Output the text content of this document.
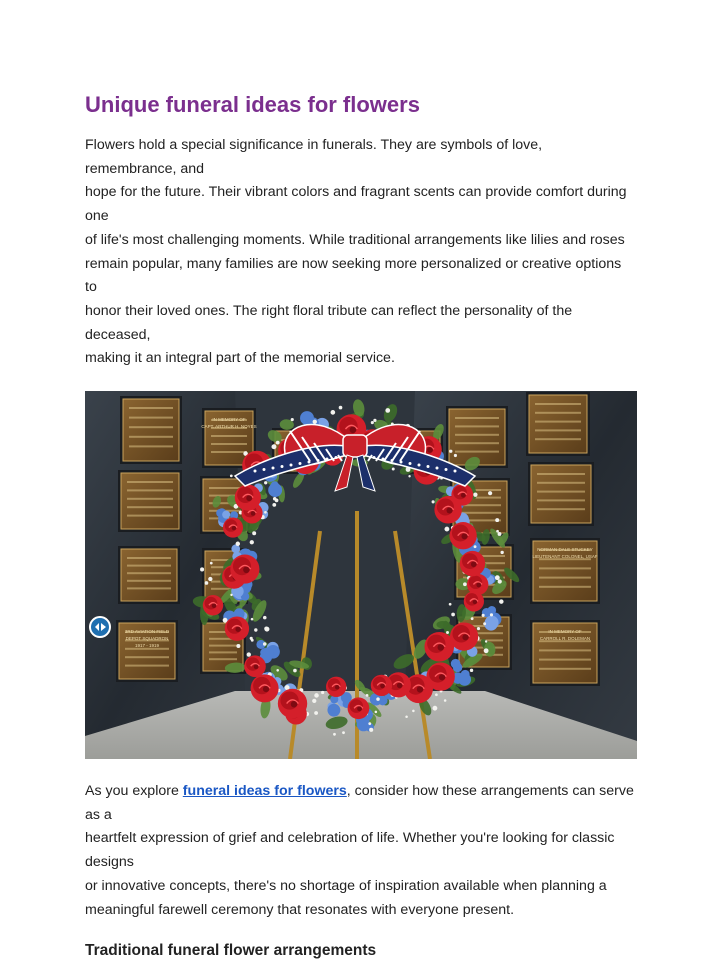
Unique funeral ideas for flowers

Flowers hold a special significance in funerals. They are symbols of love, remembrance, and
hope for the future. Their vibrant colors and fragrant scents can provide comfort during one
of life's most challenging moments. While traditional arrangements like lilies and roses
remain popular, many families are now seeking more personalized or creative options to
honor their loved ones. The right floral tribute can reflect the personality of the deceased,
making it an integral part of the memorial service.

IN MEMORY OF
CAPT. ARTHUR H. NOYES
3RD AVIATION FIELD
DEPOT SQUADRON
1917 - 1919
NORMAN DALE STUCKEY
LIEUTENANT COLONEL, USAF
IN MEMORY OF
CARROLL R. DOLEMAN

As you explore funeral ideas for flowers, consider how these arrangements can serve as a
heartfelt expression of grief and celebration of life. Whether you're looking for classic designs
or innovative concepts, there's no shortage of inspiration available when planning a
meaningful farewell ceremony that resonates with everyone present.

Traditional funeral flower arrangements
